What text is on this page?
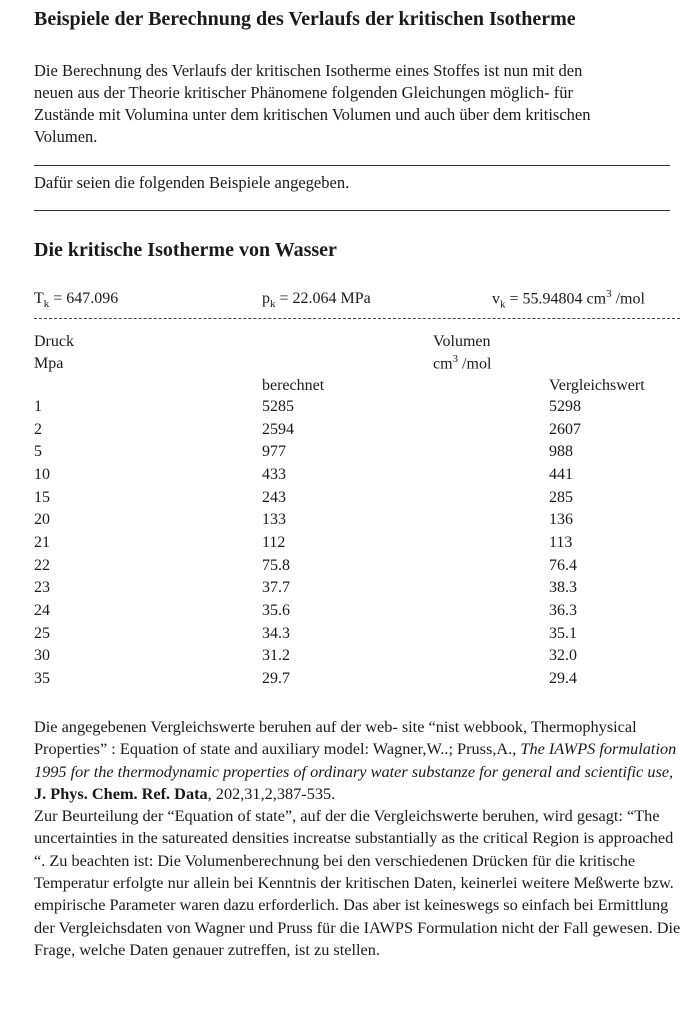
Beispiele der Berechnung des Verlaufs der kritischen Isotherme
Die Berechnung des Verlaufs der kritischen Isotherme eines Stoffes ist nun mit den
neuen aus der Theorie kritischer Phänomene folgenden Gleichungen möglich- für
Zustände mit Volumina unter dem kritischen Volumen und auch über dem kritischen
Volumen.
Dafür seien die folgenden Beispiele angegeben.
Die kritische Isotherme von Wasser
$T_k = 647.096$	$p_k = 22.064$ MPa	$v_k = 55.94804$ $cm^3$ /mol
Druck
Mpa
Volumen
$cm^3$ /mol
berechnet	Vergleichswert
1	5285	5298
2	2594	2607
5	977	988
10	433	441
15	243	285
20	133	136
21	112	113
22	75.8	76.4
23	37.7	38.3
24	35.6	36.3
25	34.3	35.1
30	31.2	32.0
35	29.7	29.4

Die angegebenen Vergleichswerte beruhen auf der web- site “nist webbook, Thermophysical Properties” : Equation of state and auxiliary model: Wagner,W..; Pruss,A., The IAWPS formulation 1995 for the thermodynamic properties of ordinary water substanze for general and scientific use, J. Phys. Chem. Ref. Data, 202,31,2,387-535.

Zur Beurteilung der “Equation of state”, auf der die Vergleichswerte beruhen, wird gesagt: “The uncertainties in the satureated densities increatse substantially as the critical Region is approached “. Zu beachten ist: Die Volumenberechnung bei den verschiedenen Drücken für die kritische Temperatur erfolgte nur allein bei Kenntnis der kritischen Daten, keinerlei weitere Meßwerte bzw. empirische Parameter waren dazu erforderlich. Das aber ist keineswegs so einfach bei Ermittlung der Vergleichsdaten von Wagner und Pruss für die IAWPS Formulation nicht der Fall gewesen. Die Frage, welche Daten genauer zutreffen, ist zu stellen.
